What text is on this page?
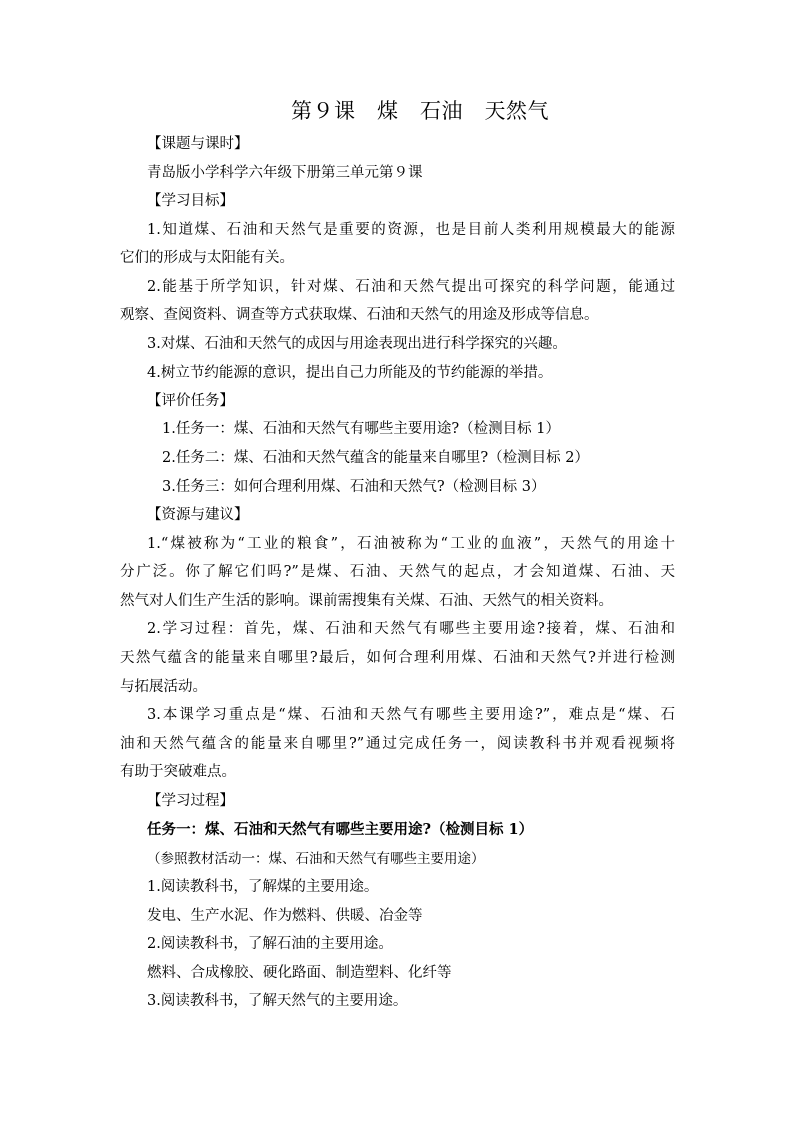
第９课　煤　石油　天然气
【课题与课时】
青岛版小学科学六年级下册第三单元第９课
【学习目标】
1.知道煤、石油和天然气是重要的资源，也是目前人类利用规模最大的能源
它们的形成与太阳能有关。
2.能基于所学知识，针对煤、石油和天然气提出可探究的科学问题，能通过
观察、查阅资料、调查等方式获取煤、石油和天然气的用途及形成等信息。
3.对煤、石油和天然气的成因与用途表现出进行科学探究的兴趣。
4.树立节约能源的意识，提出自己力所能及的节约能源的举措。
【评价任务】
1.任务一：煤、石油和天然气有哪些主要用途?（检测目标 1）
2.任务二：煤、石油和天然气蕴含的能量来自哪里?（检测目标 2）
3.任务三：如何合理利用煤、石油和天然气?（检测目标 3）
【资源与建议】
1.“煤被称为“工业的粮食”，石油被称为“工业的血液”，天然气的用途十
分广泛。你了解它们吗?”是煤、石油、天然气的起点，才会知道煤、石油、天
然气对人们生产生活的影响。课前需搜集有关煤、石油、天然气的相关资料。
2.学习过程：首先，煤、石油和天然气有哪些主要用途?接着，煤、石油和
天然气蕴含的能量来自哪里?最后，如何合理利用煤、石油和天然气?并进行检测
与拓展活动。
3.本课学习重点是“煤、石油和天然气有哪些主要用途?”，难点是“煤、石
油和天然气蕴含的能量来自哪里?”通过完成任务一，阅读教科书并观看视频将
有助于突破难点。
【学习过程】
任务一：煤、石油和天然气有哪些主要用途?（检测目标 1）
（参照教材活动一：煤、石油和天然气有哪些主要用途）
1.阅读教科书，了解煤的主要用途。
发电、生产水泥、作为燃料、供暖、冶金等
2.阅读教科书，了解石油的主要用途。
燃料、合成橡胶、硬化路面、制造塑料、化纤等
3.阅读教科书，了解天然气的主要用途。
